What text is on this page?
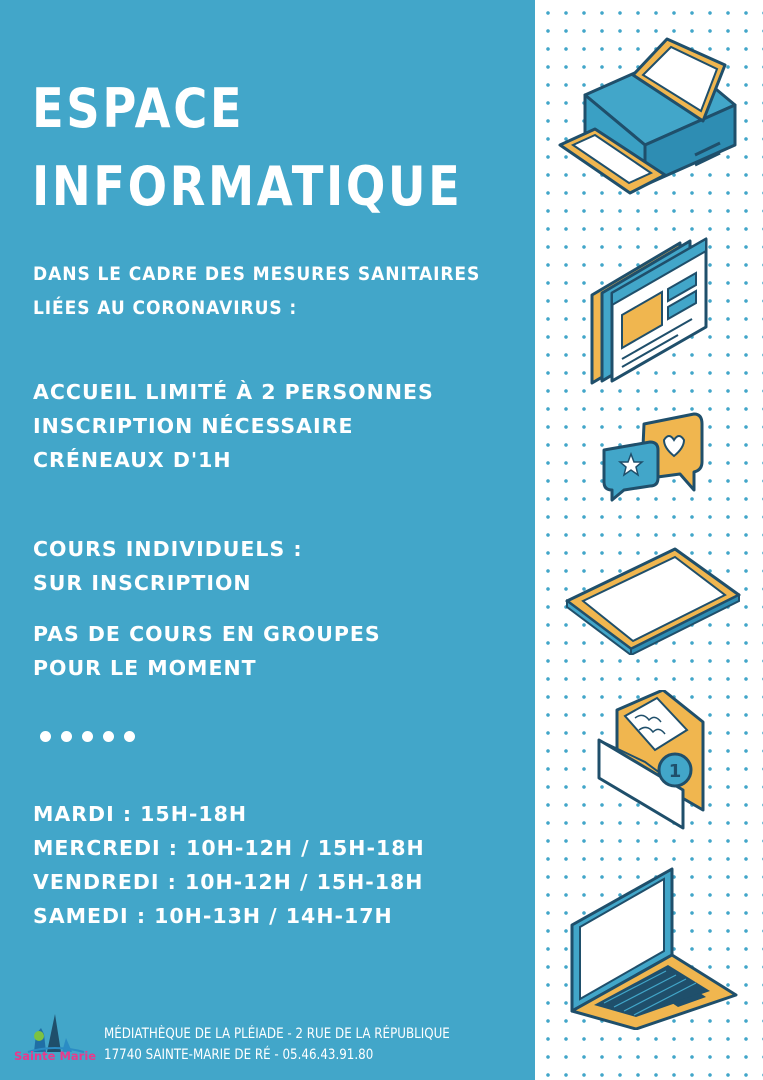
ESPACE
INFORMATIQUE
DANS LE CADRE DES MESURES SANITAIRES
LIÉES AU CORONAVIRUS :
ACCUEIL LIMITÉ À 2 PERSONNES
INSCRIPTION NÉCESSAIRE
CRÉNEAUX D'1H
COURS INDIVIDUELS :
SUR INSCRIPTION
PAS DE COURS EN GROUPES
POUR LE MOMENT
MARDI : 15H-18H
MERCREDI : 10H-12H / 15H-18H
VENDREDI : 10H-12H / 15H-18H
SAMEDI : 10H-13H / 14H-17H
Sainte Marie
MÉDIATHÈQUE DE LA PLÉIADE - 2 RUE DE LA RÉPUBLIQUE
17740 SAINTE-MARIE DE RÉ - 05.46.43.91.80
1
